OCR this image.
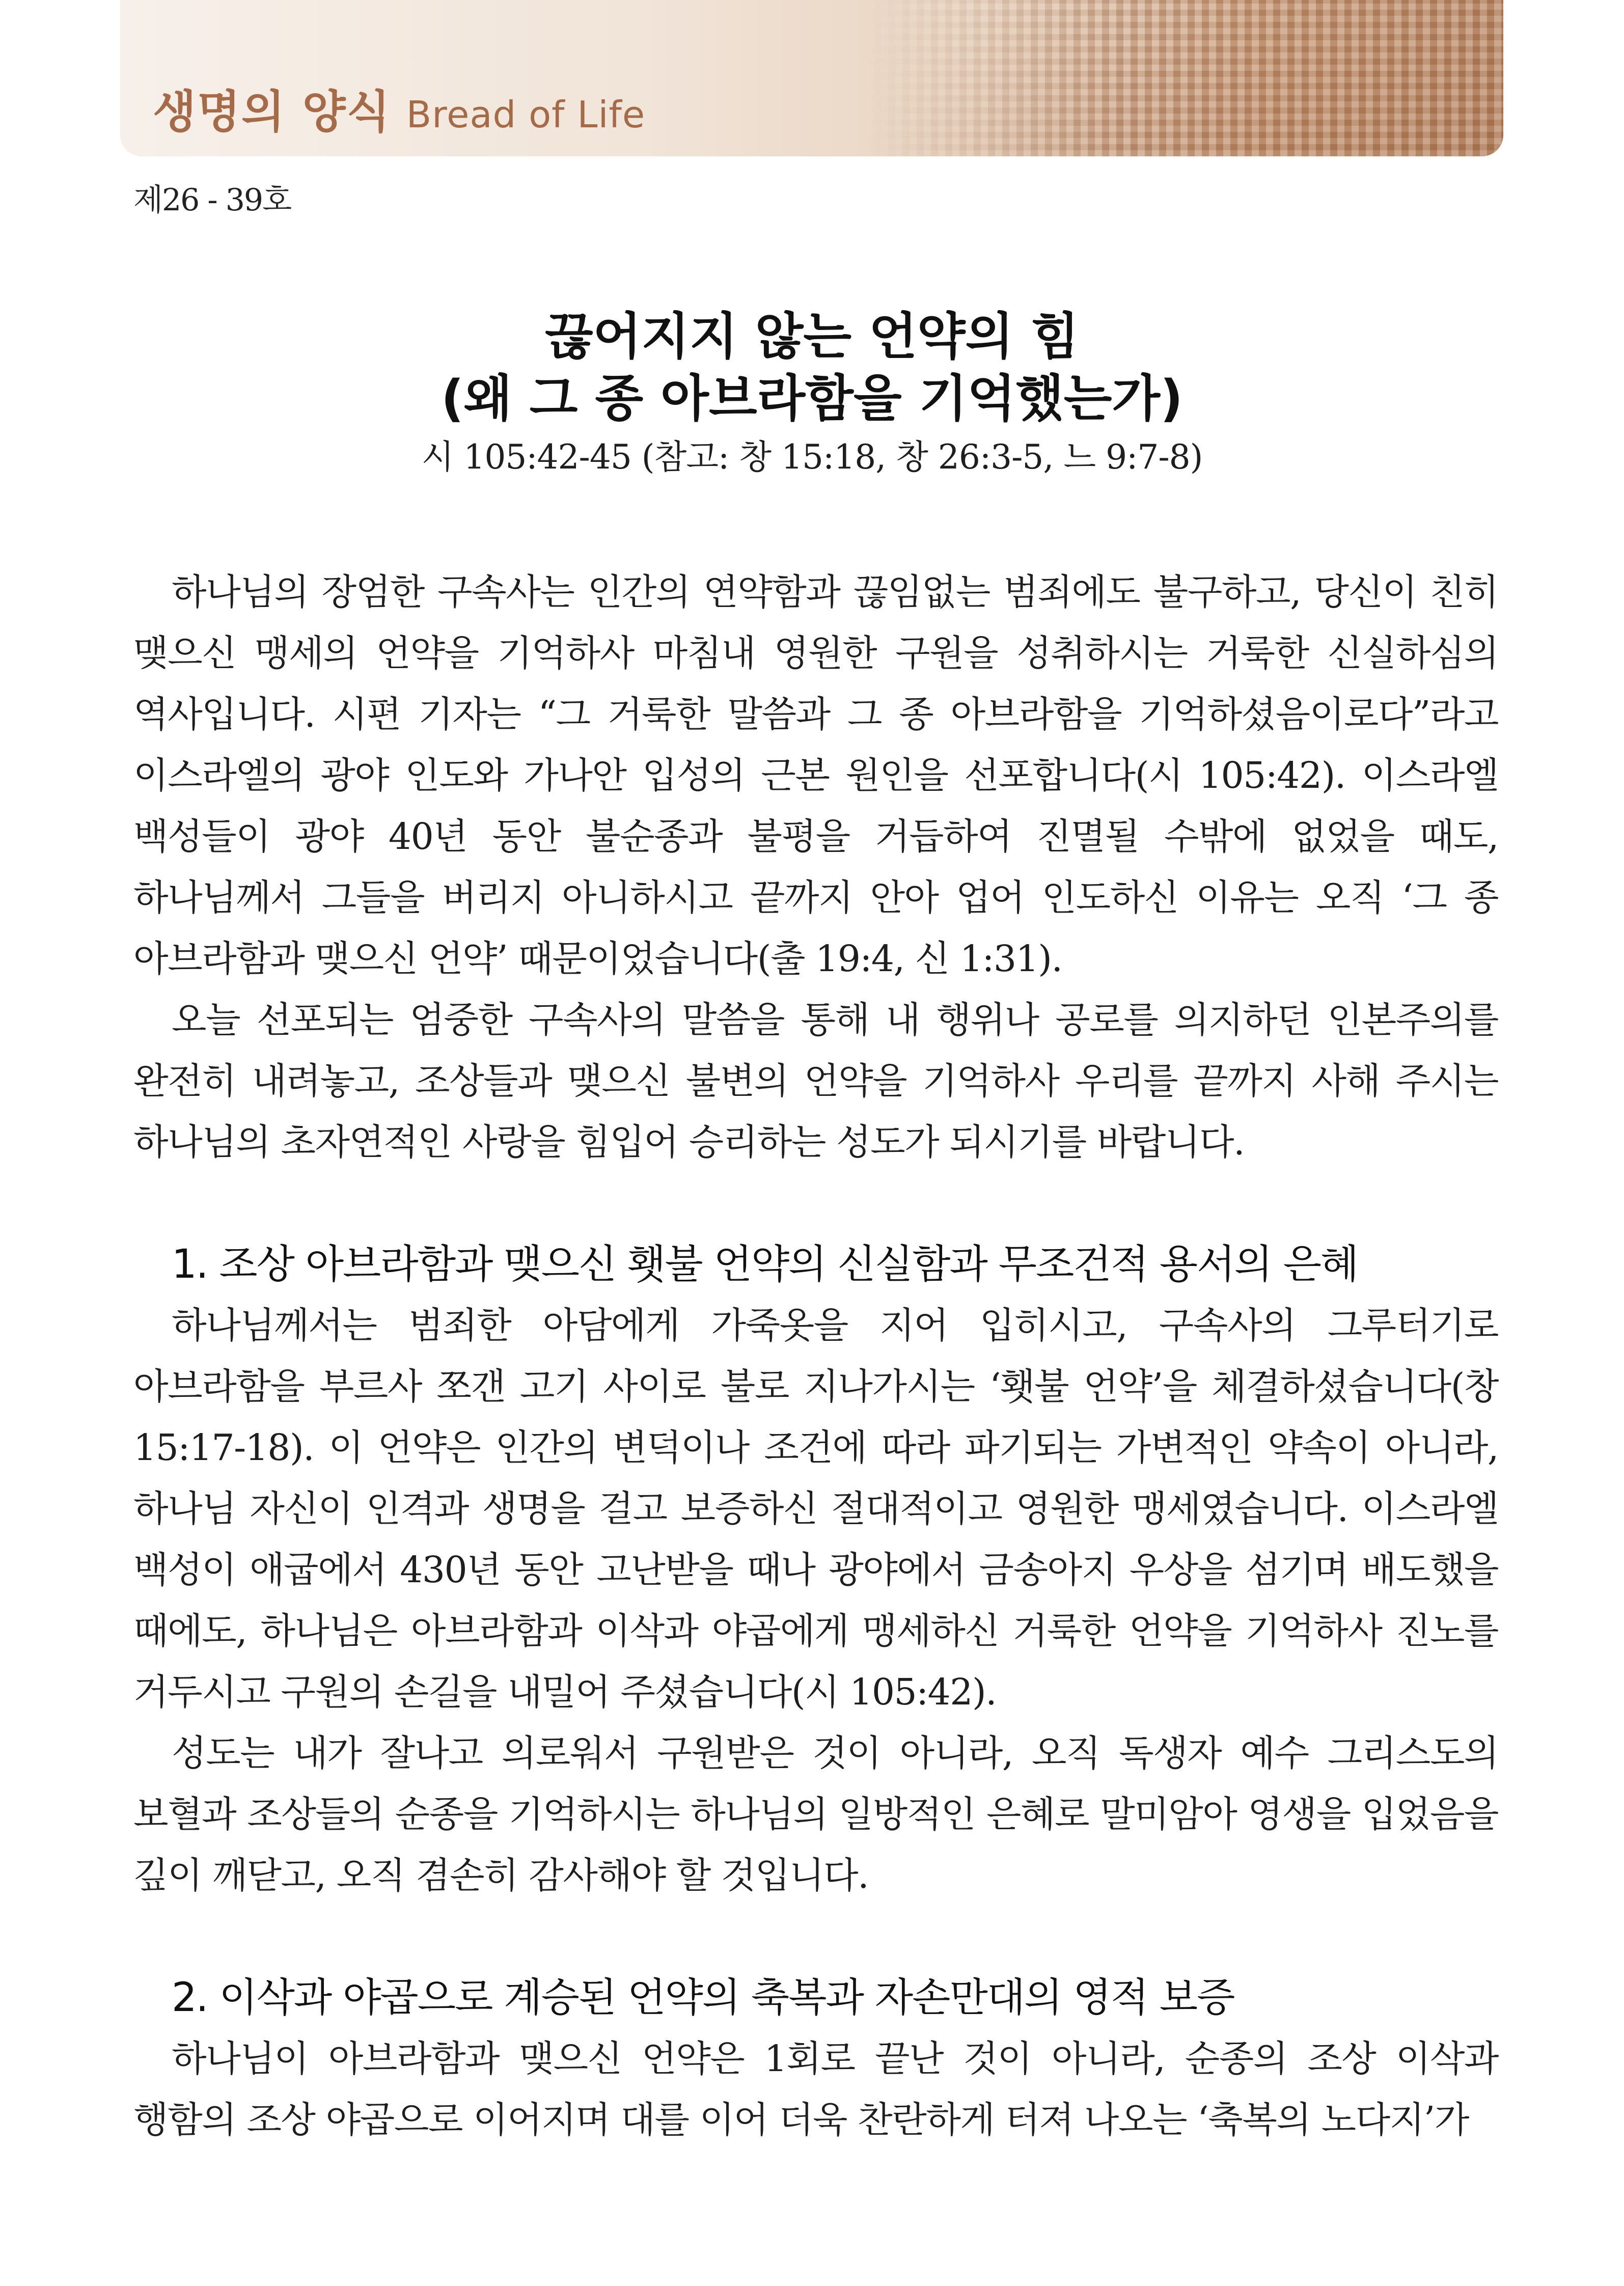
생명의 양식 Bread of Life
제26 - 39호
끊어지지 않는 언약의 힘
(왜 그 종 아브라함을 기억했는가)
시 105:42-45 (참고: 창 15:18, 창 26:3-5, 느 9:7-8)

하나님의 장엄한 구속사는 인간의 연약함과 끊임없는 범죄에도 불구하고, 당신이 친히 맺으신 맹세의 언약을 기억하사 마침내 영원한 구원을 성취하시는 거룩한 신실하심의 역사입니다. 시편 기자는 “그 거룩한 말씀과 그 종 아브라함을 기억하셨음이로다”라고 이스라엘의 광야 인도와 가나안 입성의 근본 원인을 선포합니다(시 105:42). 이스라엘 백성들이 광야 40년 동안 불순종과 불평을 거듭하여 진멸될 수밖에 없었을 때도, 하나님께서 그들을 버리지 아니하시고 끝까지 안아 업어 인도하신 이유는 오직 ‘그 종 아브라함과 맺으신 언약’ 때문이었습니다(출 19:4, 신 1:31).

오늘 선포되는 엄중한 구속사의 말씀을 통해 내 행위나 공로를 의지하던 인본주의를 완전히 내려놓고, 조상들과 맺으신 불변의 언약을 기억하사 우리를 끝까지 사해 주시는 하나님의 초자연적인 사랑을 힘입어 승리하는 성도가 되시기를 바랍니다.

1. 조상 아브라함과 맺으신 횃불 언약의 신실함과 무조건적 용서의 은혜

하나님께서는 범죄한 아담에게 가죽옷을 지어 입히시고, 구속사의 그루터기로 아브라함을 부르사 쪼갠 고기 사이로 불로 지나가시는 ‘횃불 언약’을 체결하셨습니다(창 15:17-18). 이 언약은 인간의 변덕이나 조건에 따라 파기되는 가변적인 약속이 아니라, 하나님 자신이 인격과 생명을 걸고 보증하신 절대적이고 영원한 맹세였습니다. 이스라엘 백성이 애굽에서 430년 동안 고난받을 때나 광야에서 금송아지 우상을 섬기며 배도했을 때에도, 하나님은 아브라함과 이삭과 야곱에게 맹세하신 거룩한 언약을 기억하사 진노를 거두시고 구원의 손길을 내밀어 주셨습니다(시 105:42).

성도는 내가 잘나고 의로워서 구원받은 것이 아니라, 오직 독생자 예수 그리스도의 보혈과 조상들의 순종을 기억하시는 하나님의 일방적인 은혜로 말미암아 영생을 입었음을 깊이 깨닫고, 오직 겸손히 감사해야 할 것입니다.

2. 이삭과 야곱으로 계승된 언약의 축복과 자손만대의 영적 보증

하나님이 아브라함과 맺으신 언약은 1회로 끝난 것이 아니라, 순종의 조상 이삭과 행함의 조상 야곱으로 이어지며 대를 이어 더욱 찬란하게 터져 나오는 ‘축복의 노다지’가
